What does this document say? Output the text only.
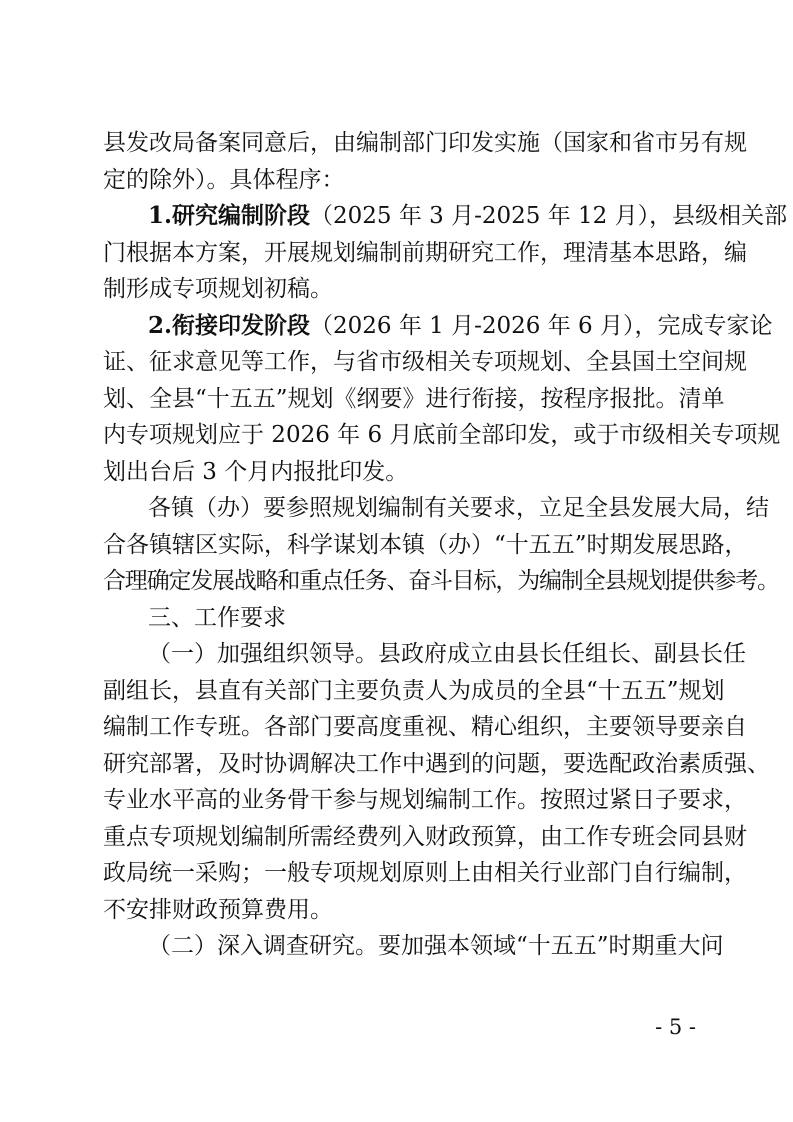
县发改局备案同意后，由编制部门印发实施（国家和省市另有规
定的除外）。具体程序：
1.研究编制阶段 （2025 年 3 月-2025 年 12 月），县级相关部
门根据本方案，开展规划编制前期研究工作，理清基本思路，编
制形成专项规划初稿。
2.衔接印发阶段 （2026 年 1 月-2026 年 6 月），完成专家论
证、征求意见等工作，与省市级相关专项规划、全县国土空间规
划、全县“十五五”规划《纲要》进行衔接，按程序报批。清单
内专项规划应于 2026 年 6 月底前全部印发，或于市级相关专项规
划出台后 3 个月内报批印发。
各镇（办）要参照规划编制有关要求，立足全县发展大局，结
合各镇辖区实际，科学谋划本镇（办）“十五五”时期发展思路，
合理确定发展战略和重点任务、奋斗目标，为编制全县规划提供参考。
三、工作要求
（一）加强组织领导。县政府成立由县长任组长、副县长任
副组长，县直有关部门主要负责人为成员的全县“十五五”规划
编制工作专班。各部门要高度重视、精心组织，主要领导要亲自
研究部署，及时协调解决工作中遇到的问题，要选配政治素质强、
专业水平高的业务骨干参与规划编制工作。按照过紧日子要求，
重点专项规划编制所需经费列入财政预算，由工作专班会同县财
政局统一采购；一般专项规划原则上由相关行业部门自行编制，
不安排财政预算费用。
（二）深入调查研究。要加强本领域“十五五”时期重大问
- 5 -
